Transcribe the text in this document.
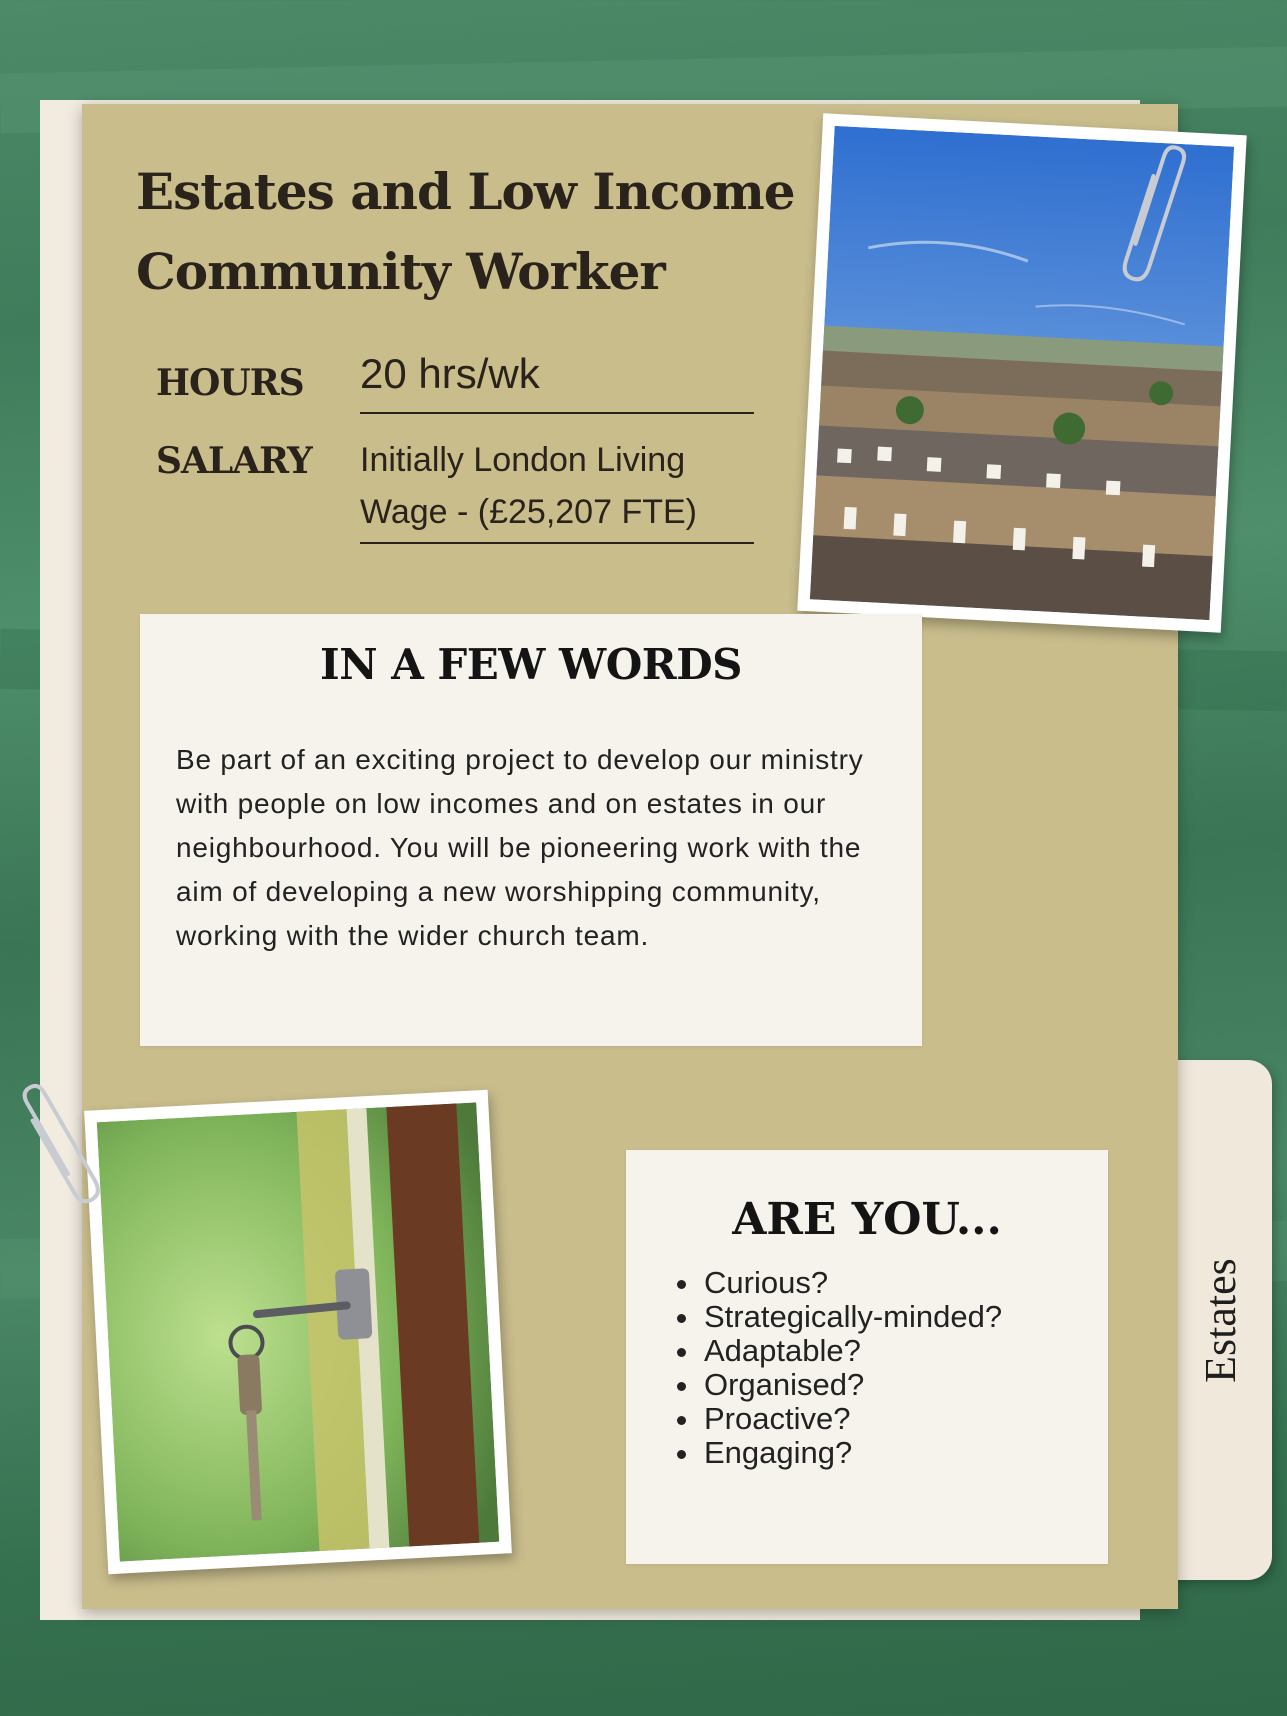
Estates
Estates and Low Income Community Worker
HOURS 20 hrs/wk
SALARY Initially London Living Wage - (£25,207 FTE)
IN A FEW WORDS

Be part of an exciting project to develop our ministry with people on low incomes and on estates in our neighbourhood. You will be pioneering work with the aim of developing a new worshipping community, working with the wider church team.

ARE YOU...
• Curious?
• Strategically-minded?
• Adaptable?
• Organised?
• Proactive?
• Engaging?
